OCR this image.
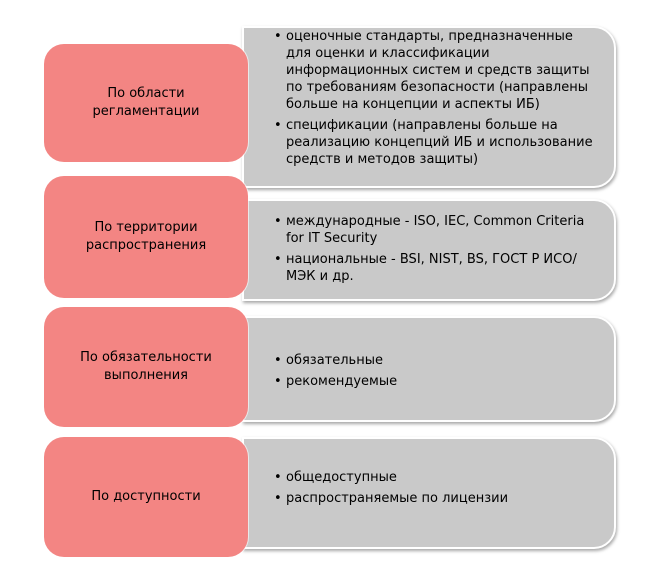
• оценочные стандарты, предназначенные для оценки и классификации информационных систем и средств защиты по требованиям безопасности (направлены больше на концепции и аспекты ИБ)
• спецификации (направлены больше на реализацию концепций ИБ и использование средств и методов защиты)
По области регламентации
• международные - ISO, IEC, Common Criteria for IT Security
• национальные - BSI, NIST, BS, ГОСТ Р ИСО/МЭК и др.
По территории распространения
• обязательные
• рекомендуемые
По обязательности выполнения
• общедоступные
• распространяемые по лицензии
По доступности
